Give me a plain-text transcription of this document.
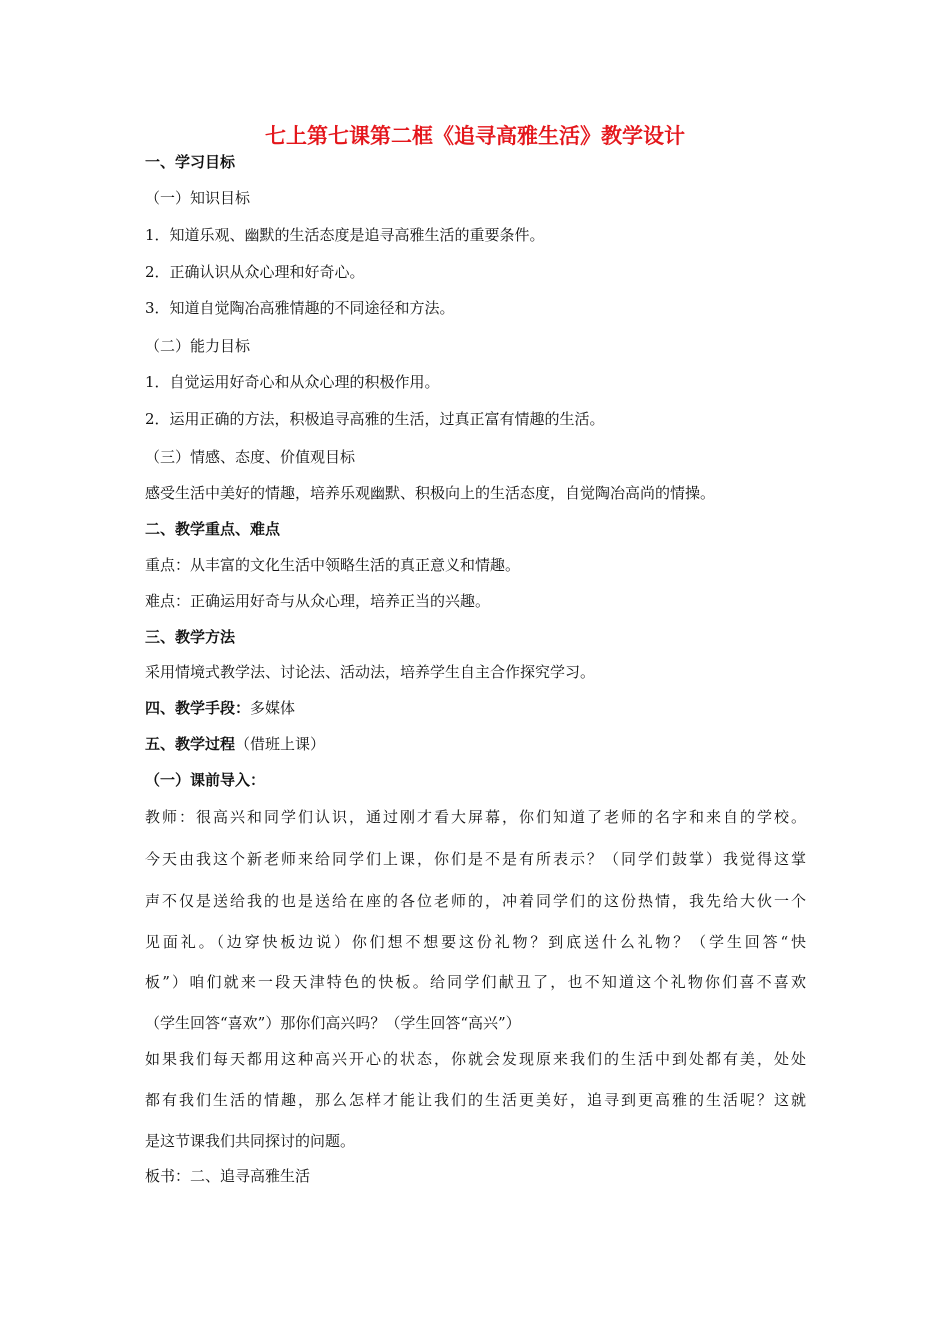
七上第七课第二框《追寻高雅生活》教学设计
一、学习目标
（一）知识目标
1．知道乐观、幽默的生活态度是追寻高雅生活的重要条件。
2．正确认识从众心理和好奇心。
3．知道自觉陶冶高雅情趣的不同途径和方法。
（二）能力目标
1．自觉运用好奇心和从众心理的积极作用。
2．运用正确的方法，积极追寻高雅的生活，过真正富有情趣的生活。
（三）情感、态度、价值观目标
感受生活中美好的情趣，培养乐观幽默、积极向上的生活态度，自觉陶冶高尚的情操。
二、教学重点、难点
重点：从丰富的文化生活中领略生活的真正意义和情趣。
难点：正确运用好奇与从众心理，培养正当的兴趣。
三、教学方法
采用情境式教学法、讨论法、活动法，培养学生自主合作探究学习。
四、教学手段：多媒体
五、教学过程（借班上课）
（一）课前导入：
教师：很高兴和同学们认识，通过刚才看大屏幕，你们知道了老师的名字和来自的学校。
今天由我这个新老师来给同学们上课，你们是不是有所表示？（同学们鼓掌）我觉得这掌
声不仅是送给我的也是送给在座的各位老师的，冲着同学们的这份热情，我先给大伙一个
见面礼。（边穿快板边说）你们想不想要这份礼物？到底送什么礼物？（学生回答“快
板”）咱们就来一段天津特色的快板。给同学们献丑了，也不知道这个礼物你们喜不喜欢
（学生回答“喜欢”）那你们高兴吗？（学生回答“高兴”）
如果我们每天都用这种高兴开心的状态，你就会发现原来我们的生活中到处都有美，处处
都有我们生活的情趣，那么怎样才能让我们的生活更美好，追寻到更高雅的生活呢？这就
是这节课我们共同探讨的问题。
板书：二、追寻高雅生活
